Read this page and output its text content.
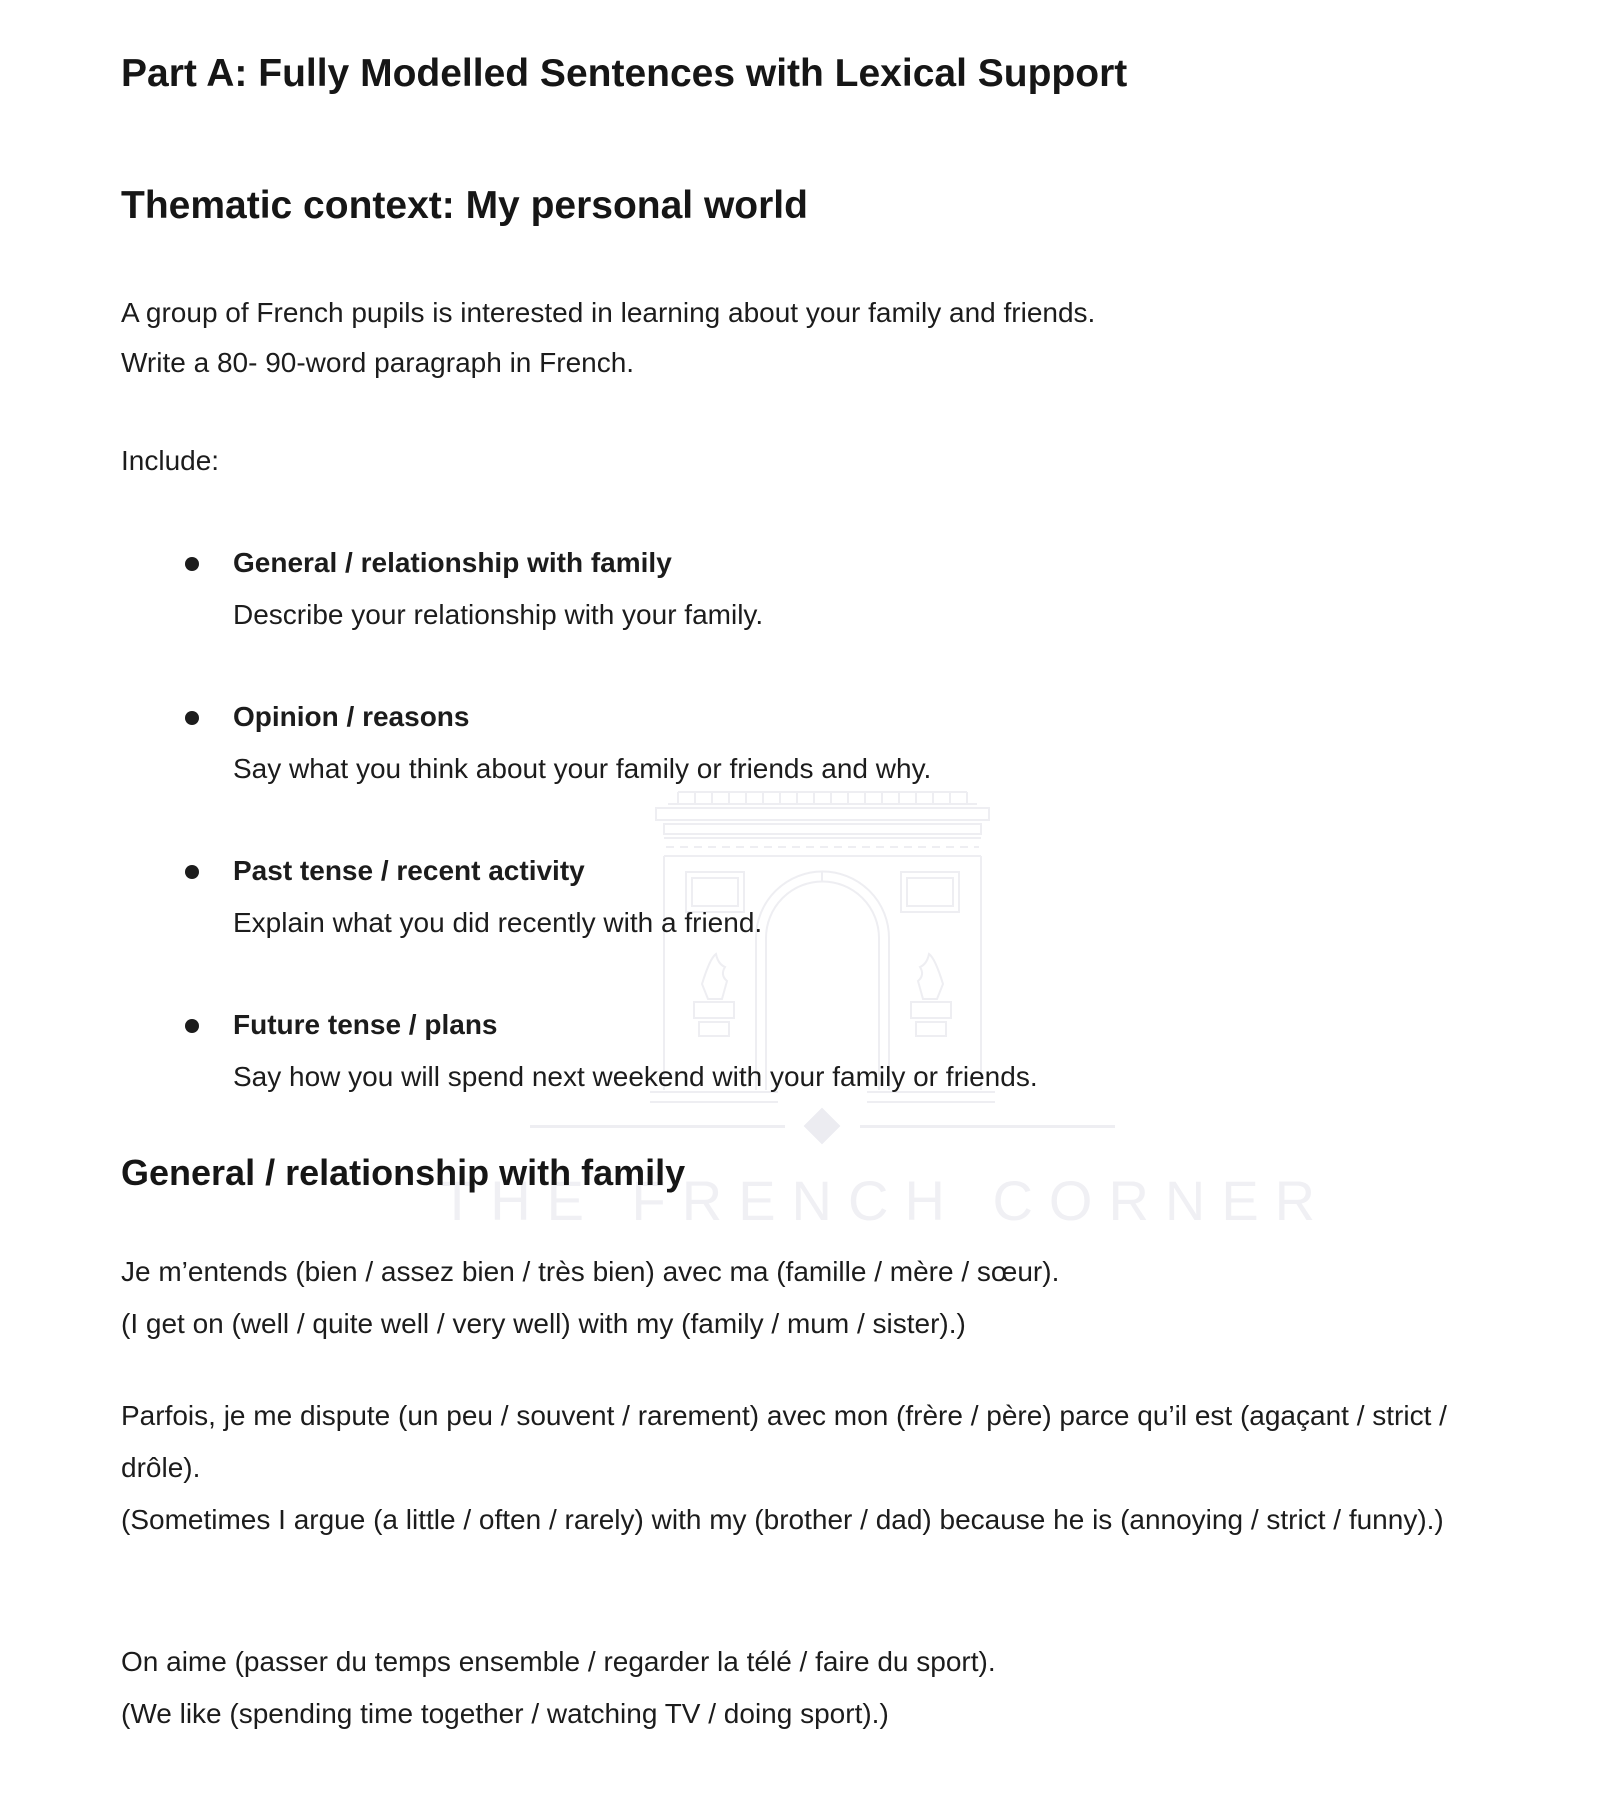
THE FRENCH CORNER
Part A: Fully Modelled Sentences with Lexical Support
Thematic context: My personal world
A group of French pupils is interested in learning about your family and friends.
Write a 80- 90-word paragraph in French.
Include:
General / relationship with family
Describe your relationship with your family.
Opinion / reasons
Say what you think about your family or friends and why.
Past tense / recent activity
Explain what you did recently with a friend.
Future tense / plans
Say how you will spend next weekend with your family or friends.
General / relationship with family
Je m’entends (bien / assez bien / très bien) avec ma (famille / mère / sœur).
(I get on (well / quite well / very well) with my (family / mum / sister).)
Parfois, je me dispute (un peu / souvent / rarement) avec mon (frère / père) parce qu’il est (agaçant / strict / drôle).
(Sometimes I argue (a little / often / rarely) with my (brother / dad) because he is (annoying / strict / funny).)
On aime (passer du temps ensemble / regarder la télé / faire du sport).
(We like (spending time together / watching TV / doing sport).)
